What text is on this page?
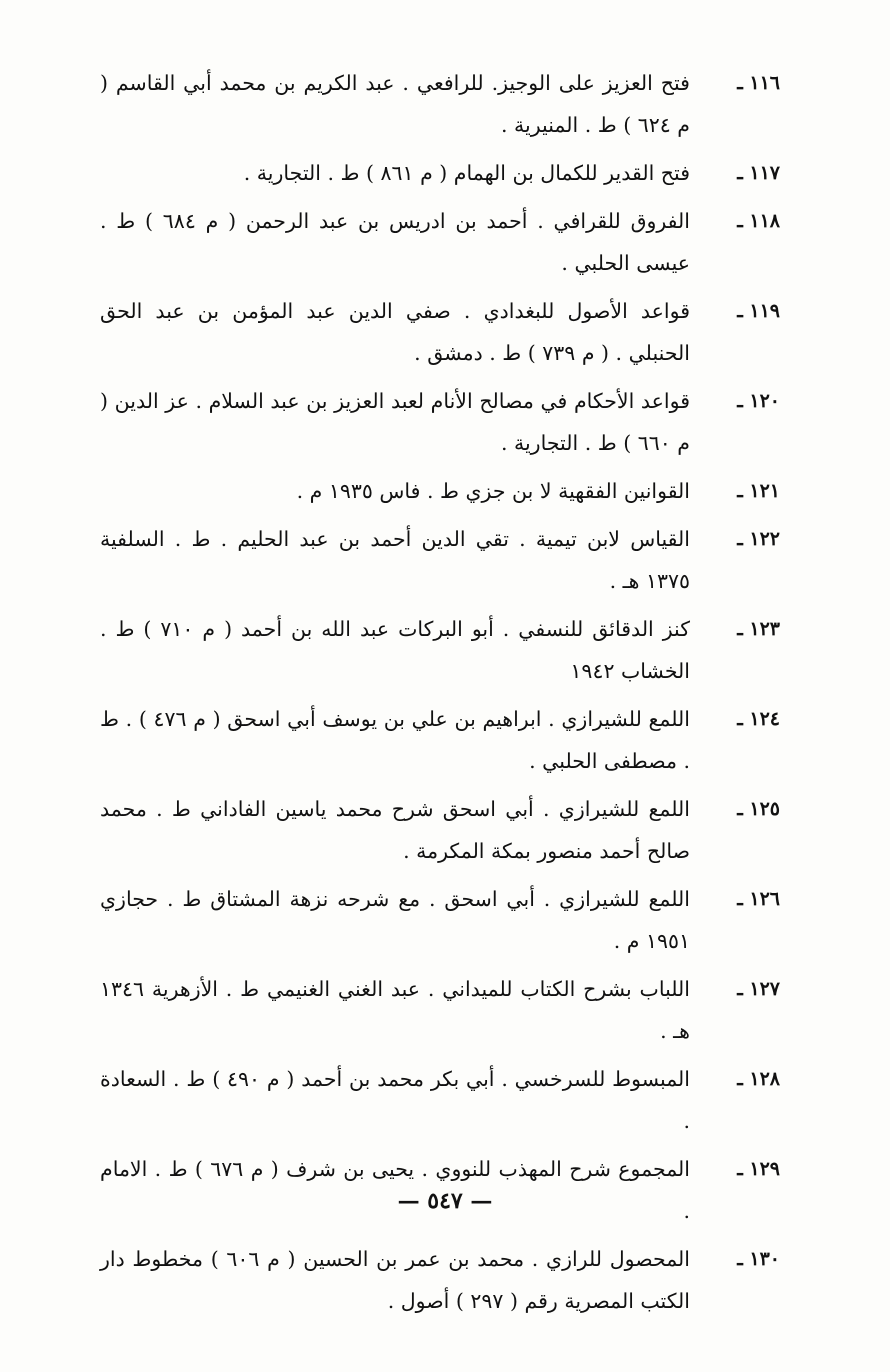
١١٦ ـ
فتح العزيز على الوجيز. للرافعي . عبد الكريم بن محمد أبي القاسم ( م ٦٢٤ ) ط . المنيرية .
١١٧ ـ
فتح القدير للكمال بن الهمام ( م ٨٦١ ) ط . التجارية .
١١٨ ـ
الفروق للقرافي . أحمد بن ادريس بن عبد الرحمن ( م ٦٨٤ ) ط . عيسى الحلبي .
١١٩ ـ
قواعد الأصول للبغدادي . صفي الدين عبد المؤمن بن عبد الحق الحنبلي . ( م ٧٣٩ ) ط . دمشق .
١٢٠ ـ
قواعد الأحكام في مصالح الأنام لعبد العزيز بن عبد السلام . عز الدين ( م ٦٦٠ ) ط . التجارية .
١٢١ ـ
القوانين الفقهية لا بن جزي ط . فاس ١٩٣٥ م .
١٢٢ ـ
القياس لابن تيمية . تقي الدين أحمد بن عبد الحليم . ط . السلفية ١٣٧٥ هـ .
١٢٣ ـ
كنز الدقائق للنسفي . أبو البركات عبد الله بن أحمد ( م ٧١٠ ) ط . الخشاب ١٩٤٢
١٢٤ ـ
اللمع للشيرازي . ابراهيم بن علي بن يوسف أبي اسحق ( م ٤٧٦ ) . ط . مصطفى الحلبي .
١٢٥ ـ
اللمع للشيرازي . أبي اسحق شرح محمد ياسين الفاداني ط . محمد صالح أحمد منصور بمكة المكرمة .
١٢٦ ـ
اللمع للشيرازي . أبي اسحق . مع شرحه نزهة المشتاق ط . حجازي ١٩٥١ م .
١٢٧ ـ
اللباب بشرح الكتاب للميداني . عبد الغني الغنيمي ط . الأزهرية ١٣٤٦ هـ .
١٢٨ ـ
المبسوط للسرخسي . أبي بكر محمد بن أحمد ( م ٤٩٠ ) ط . السعادة .
١٢٩ ـ
المجموع شرح المهذب للنووي . يحيى بن شرف ( م ٦٧٦ ) ط . الامام .
١٣٠ ـ
المحصول للرازي . محمد بن عمر بن الحسين ( م ٦٠٦ ) مخطوط دار الكتب المصرية رقم ( ٢٩٧ ) أصول .
— ٥٤٧ —
